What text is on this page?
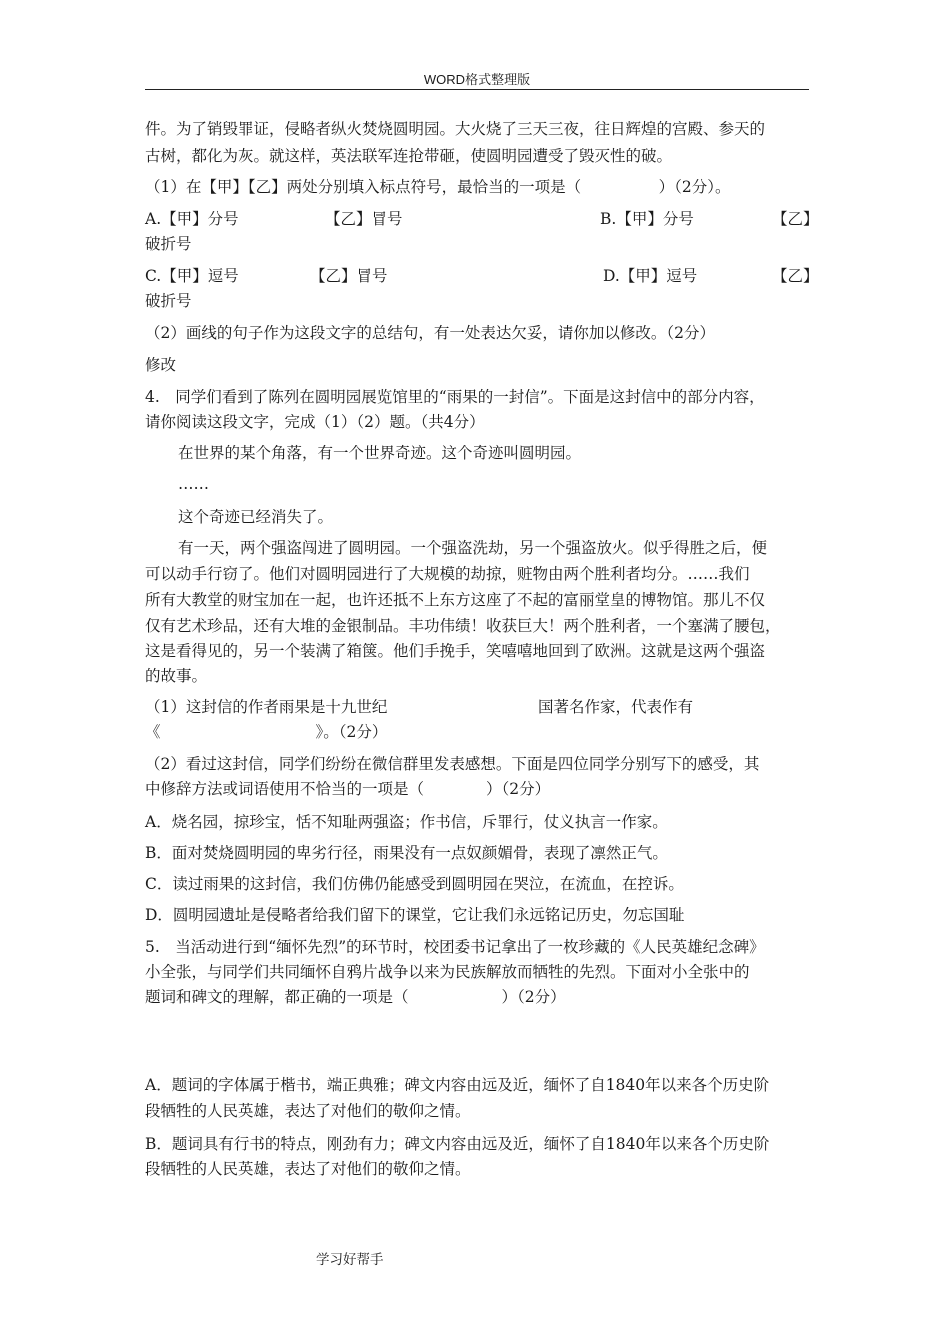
WORD格式整理版
件。为了销毁罪证，侵略者纵火焚烧圆明园。大火烧了三天三夜，往日辉煌的宫殿、参天的
古树，都化为灰。就这样，英法联军连抢带砸，使圆明园遭受了毁灭性的破。
（1）在【甲】【乙】两处分别填入标点符号，最恰当的一项是（　　　　　）（2分）。
A.【甲】分号	【乙】冒号	B.【甲】分号	【乙】
破折号
C.【甲】逗号	【乙】冒号	D.【甲】逗号	【乙】
破折号
（2）画线的句子作为这段文字的总结句，有一处表达欠妥，请你加以修改。（2分）
修改
4.　同学们看到了陈列在圆明园展览馆里的“雨果的一封信”。下面是这封信中的部分内容，
请你阅读这段文字，完成（1）（2）题。（共4分）
在世界的某个角落，有一个世界奇迹。这个奇迹叫圆明园。
……
这个奇迹已经消失了。
有一天，两个强盗闯进了圆明园。一个强盗洗劫，另一个强盗放火。似乎得胜之后，便
可以动手行窃了。他们对圆明园进行了大规模的劫掠，赃物由两个胜利者均分。……我们
所有大教堂的财宝加在一起，也许还抵不上东方这座了不起的富丽堂皇的博物馆。那儿不仅
仅有艺术珍品，还有大堆的金银制品。丰功伟绩！收获巨大！两个胜利者，一个塞满了腰包，
这是看得见的，另一个装满了箱箧。他们手挽手，笑嘻嘻地回到了欧洲。这就是这两个强盗
的故事。
（1）这封信的作者雨果是十九世纪	国著名作家，代表作有
《　　　　　　　　　　》。（2分）
（2）看过这封信，同学们纷纷在微信群里发表感想。下面是四位同学分别写下的感受，其
中修辞方法或词语使用不恰当的一项是（　　　　）（2分）
A．烧名园，掠珍宝，恬不知耻两强盗；作书信，斥罪行，仗义执言一作家。
B．面对焚烧圆明园的卑劣行径，雨果没有一点奴颜媚骨，表现了凛然正气。
C．读过雨果的这封信，我们仿佛仍能感受到圆明园在哭泣，在流血，在控诉。
D．圆明园遗址是侵略者给我们留下的课堂，它让我们永远铭记历史，勿忘国耻
5.　当活动进行到“缅怀先烈”的环节时，校团委书记拿出了一枚珍藏的《人民英雄纪念碑》
小全张，与同学们共同缅怀自鸦片战争以来为民族解放而牺牲的先烈。下面对小全张中的
题词和碑文的理解，都正确的一项是（　　　　　　）（2分）
A．题词的字体属于楷书，端正典雅；碑文内容由远及近，缅怀了自1840年以来各个历史阶
段牺牲的人民英雄，表达了对他们的敬仰之情。
B．题词具有行书的特点，刚劲有力；碑文内容由远及近，缅怀了自1840年以来各个历史阶
段牺牲的人民英雄，表达了对他们的敬仰之情。
学习好帮手
